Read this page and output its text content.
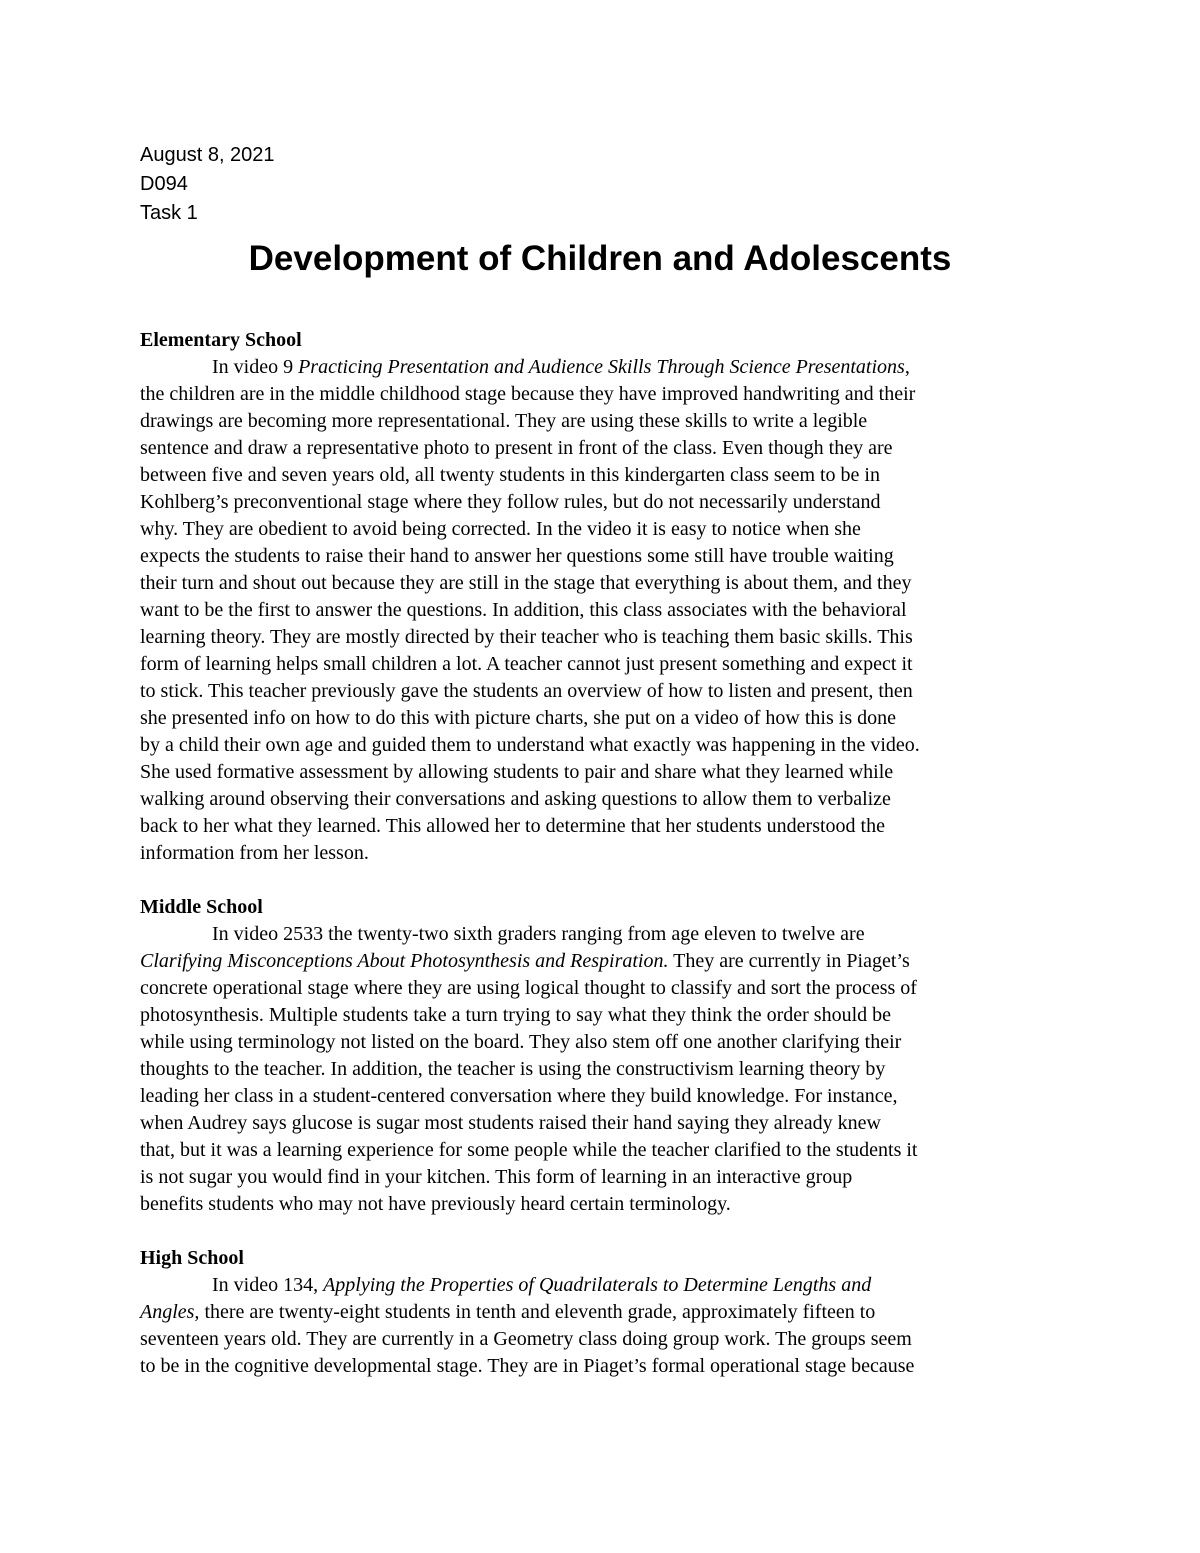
August 8, 2021
D094
Task 1
Development of Children and Adolescents
Elementary School
In video 9 Practicing Presentation and Audience Skills Through Science Presentations,
the children are in the middle childhood stage because they have improved handwriting and their
drawings are becoming more representational. They are using these skills to write a legible
sentence and draw a representative photo to present in front of the class. Even though they are
between five and seven years old, all twenty students in this kindergarten class seem to be in
Kohlberg’s preconventional stage where they follow rules, but do not necessarily understand
why. They are obedient to avoid being corrected. In the video it is easy to notice when she
expects the students to raise their hand to answer her questions some still have trouble waiting
their turn and shout out because they are still in the stage that everything is about them, and they
want to be the first to answer the questions. In addition, this class associates with the behavioral
learning theory. They are mostly directed by their teacher who is teaching them basic skills. This
form of learning helps small children a lot. A teacher cannot just present something and expect it
to stick. This teacher previously gave the students an overview of how to listen and present, then
she presented info on how to do this with picture charts, she put on a video of how this is done
by a child their own age and guided them to understand what exactly was happening in the video.
She used formative assessment by allowing students to pair and share what they learned while
walking around observing their conversations and asking questions to allow them to verbalize
back to her what they learned. This allowed her to determine that her students understood the
information from her lesson.
Middle School
In video 2533 the twenty-two sixth graders ranging from age eleven to twelve are
Clarifying Misconceptions About Photosynthesis and Respiration. They are currently in Piaget’s
concrete operational stage where they are using logical thought to classify and sort the process of
photosynthesis. Multiple students take a turn trying to say what they think the order should be
while using terminology not listed on the board. They also stem off one another clarifying their
thoughts to the teacher. In addition, the teacher is using the constructivism learning theory by
leading her class in a student-centered conversation where they build knowledge. For instance,
when Audrey says glucose is sugar most students raised their hand saying they already knew
that, but it was a learning experience for some people while the teacher clarified to the students it
is not sugar you would find in your kitchen. This form of learning in an interactive group
benefits students who may not have previously heard certain terminology.
High School
In video 134, Applying the Properties of Quadrilaterals to Determine Lengths and
Angles, there are twenty-eight students in tenth and eleventh grade, approximately fifteen to
seventeen years old. They are currently in a Geometry class doing group work. The groups seem
to be in the cognitive developmental stage. They are in Piaget’s formal operational stage because
